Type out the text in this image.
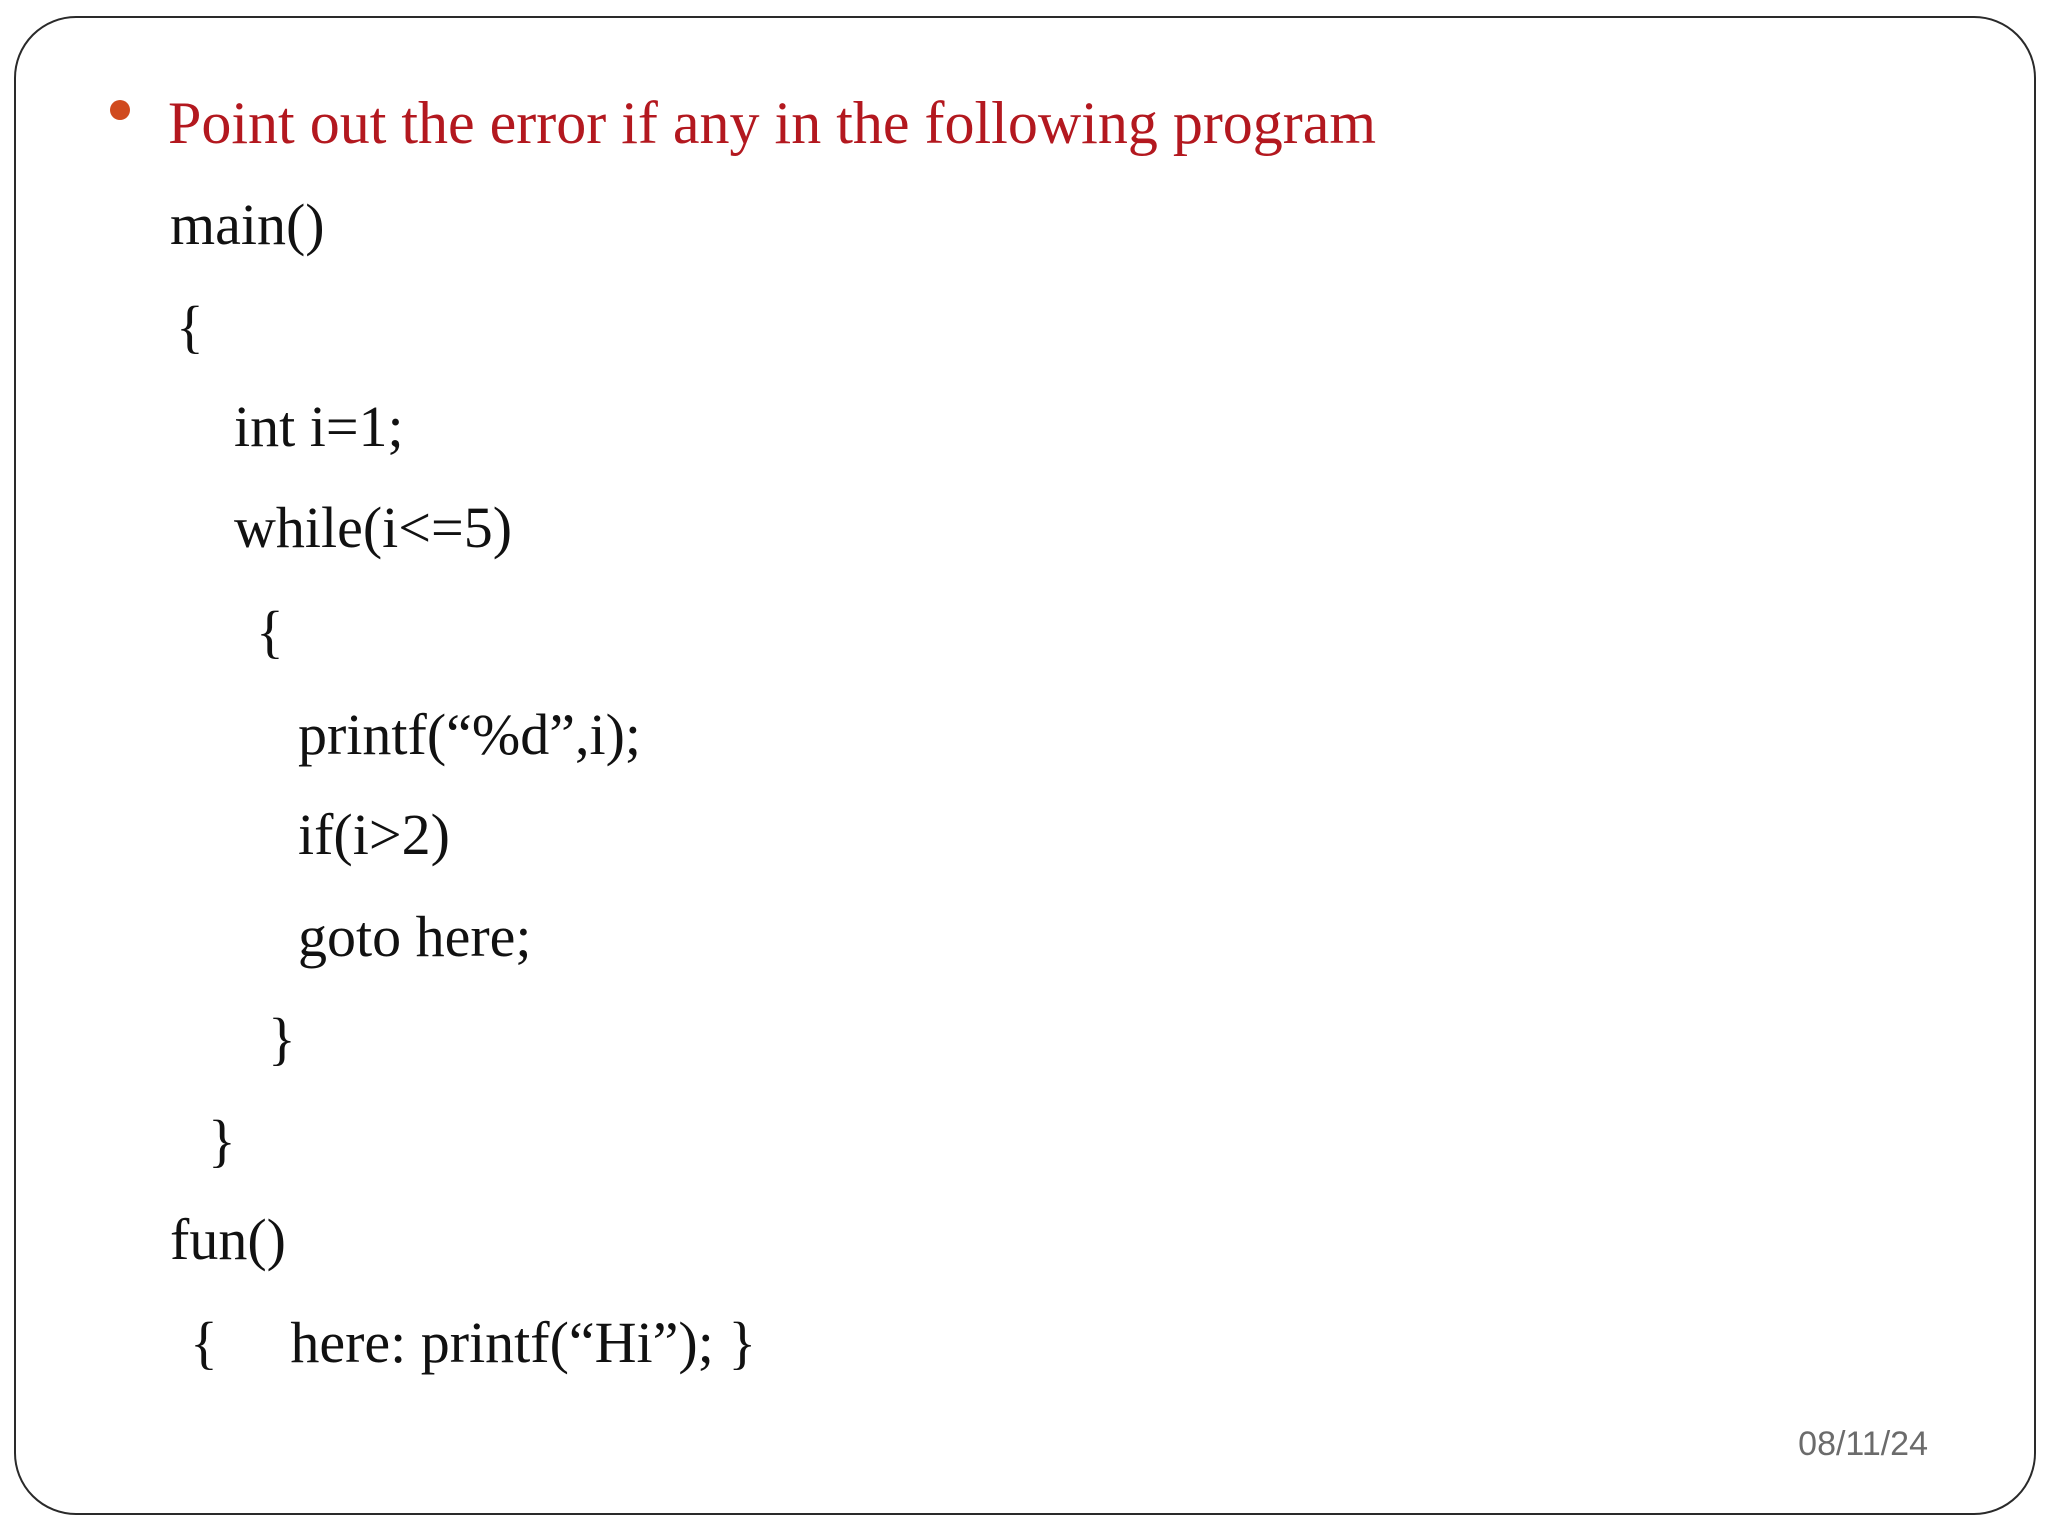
Point out the error if any in the following program
main()
{
int i=1;
while(i<=5)
{
printf(“%d”,i);
if(i>2)
goto here;
}
}
fun()
{     here: printf(“Hi”); }
08/11/24
